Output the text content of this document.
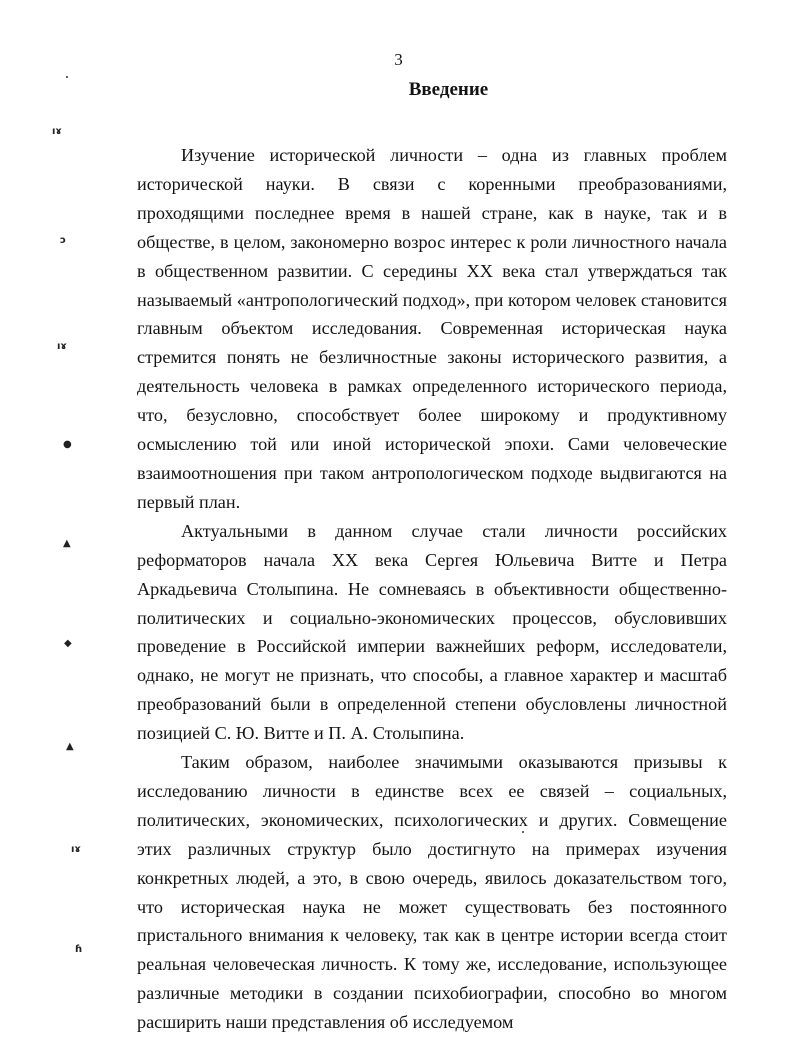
3
Введение

Изучение исторической личности – одна из главных проблем исторической науки. В связи с коренными преобразованиями, проходящими последнее время в нашей стране, как в науке, так и в обществе, в целом, закономерно возрос интерес к роли личностного начала в общественном развитии. С середины ХХ века стал утверждаться так называемый «антропологический подход», при котором человек становится главным объектом исследования. Современная историческая наука стремится понять не безличностные законы исторического развития, а деятельность человека в рамках определенного исторического периода, что, безусловно, способствует более широкому и продуктивному осмыслению той или иной исторической эпохи. Сами человеческие взаимоотношения при таком антропологическом подходе выдвигаются на первый план.

Актуальными в данном случае стали личности российских реформаторов начала ХХ века Сергея Юльевича Витте и Петра Аркадьевича Столыпина. Не сомневаясь в объективности общественно-политических и социально-экономических процессов, обусловивших проведение в Российской империи важнейших реформ, исследователи, однако, не могут не признать, что способы, а главное характер и масштаб преобразований были в определенной степени обусловлены личностной позицией С. Ю. Витте и П. А. Столыпина.

Таким образом, наиболее значимыми оказываются призывы к исследованию личности в единстве всех ее связей – социальных, политических, экономических, психологических и других. Совмещение этих различных структур было достигнуто на примерах изучения конкретных людей, а это, в свою очередь, явилось доказательством того, что историческая наука не может существовать без постоянного пристального внимания к человеку, так как в центре истории всегда стоит реальная человеческая личность. К тому же, исследование, использующее различные методики в создании психобиографии, способно во многом расширить наши представления об исследуемом

ıɤ
ↄ
ıɤ
●
▲
◆
▲
ıɤ
ɦ
